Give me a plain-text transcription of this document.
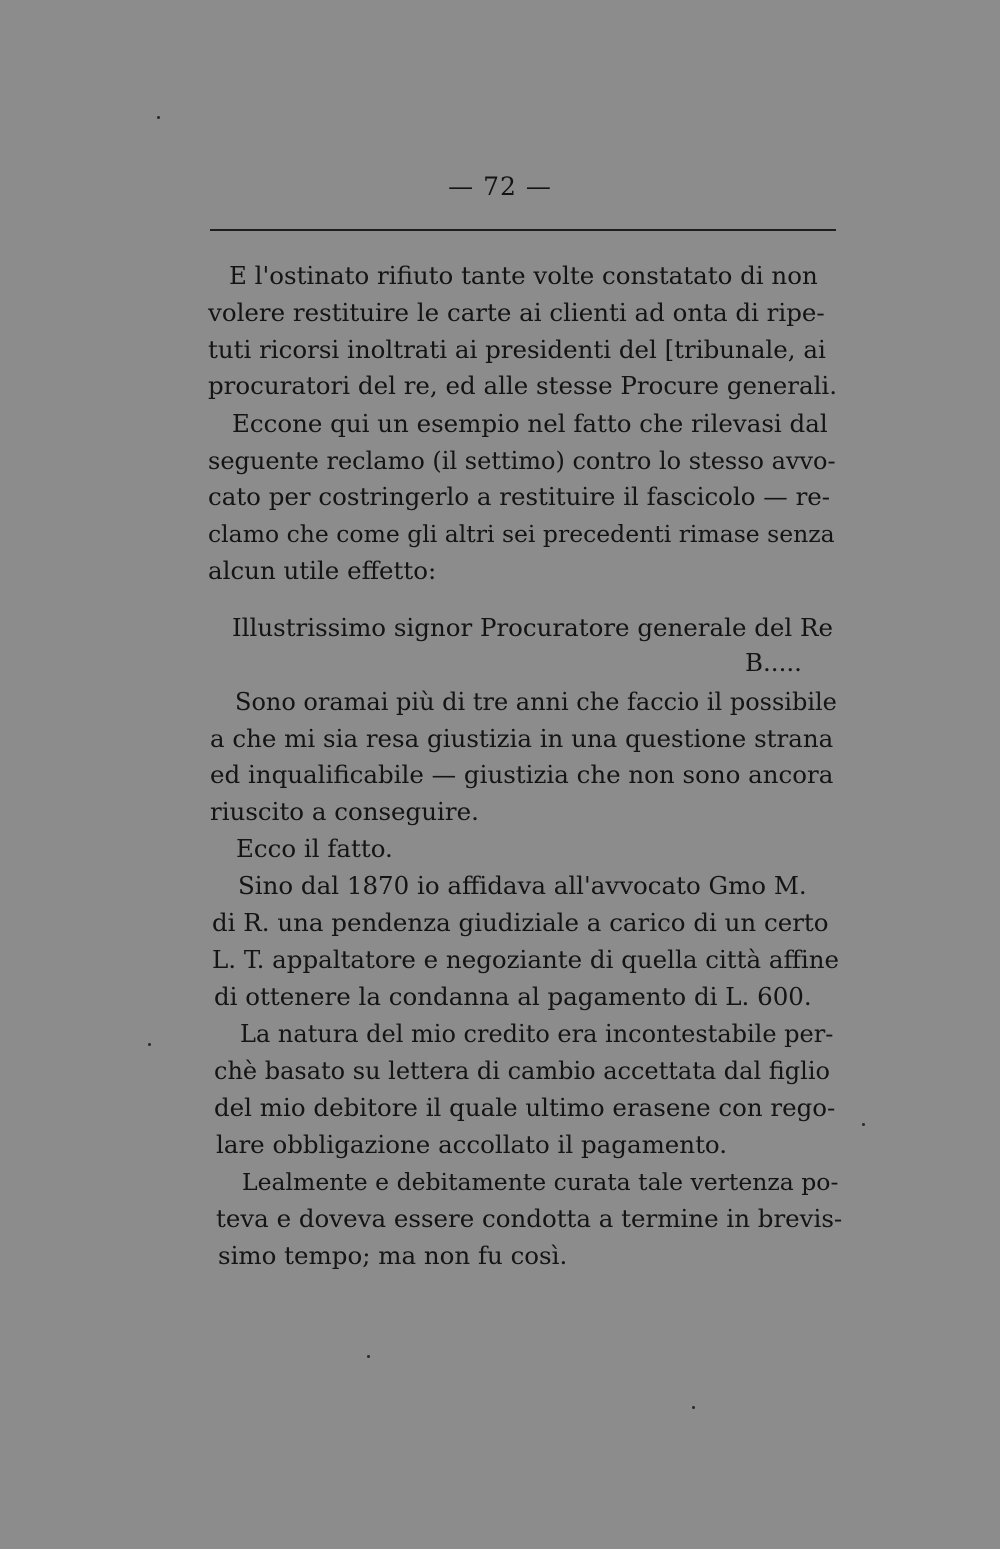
— 72 —
E l'ostinato rifiuto tante volte constatato di non
volere restituire le carte ai clienti ad onta di ripe-
tuti ricorsi inoltrati ai presidenti del [tribunale, ai
procuratori del re, ed alle stesse Procure generali.
Eccone qui un esempio nel fatto che rilevasi dal
seguente reclamo (il settimo) contro lo stesso avvo-
cato per costringerlo a restituire il fascicolo — re-
clamo che come gli altri sei precedenti rimase senza
alcun utile effetto:
Illustrissimo signor Procuratore generale del Re
B.....
Sono oramai più di tre anni che faccio il possibile
a che mi sia resa giustizia in una questione strana
ed inqualificabile — giustizia che non sono ancora
riuscito a conseguire.
Ecco il fatto.
Sino dal 1870 io affidava all'avvocato Gmo M.
di R. una pendenza giudiziale a carico di un certo
L. T. appaltatore e negoziante di quella città affine
di ottenere la condanna al pagamento di L. 600.
La natura del mio credito era incontestabile per-
chè basato su lettera di cambio accettata dal figlio
del mio debitore il quale ultimo erasene con rego-
lare obbligazione accollato il pagamento.
Lealmente e debitamente curata tale vertenza po-
teva e doveva essere condotta a termine in brevis-
simo tempo; ma non fu così.
